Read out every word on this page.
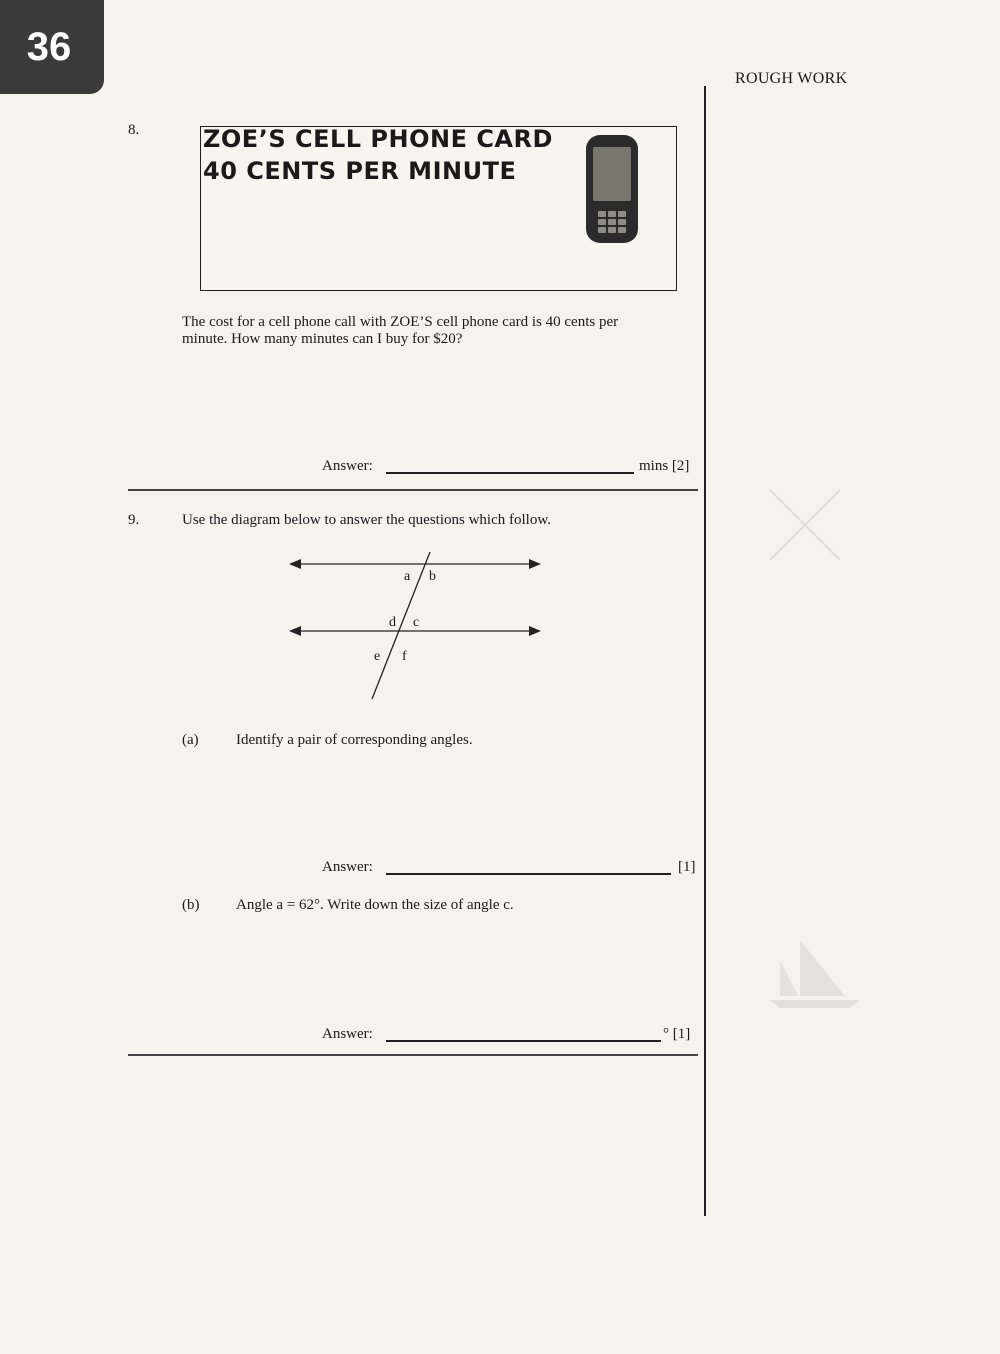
36
ROUGH WORK
8.	ZOE’S CELL PHONE CARD
40 CENTS PER MINUTE
The cost for a cell phone call with ZOE’S cell phone card is 40 cents per
minute. How many minutes can I buy for $20?
Answer:	mins [2]
9.	Use the diagram below to answer the questions which follow.
a b
d c
e f
(a) Identify a pair of corresponding angles.
Answer:	[1]
(b) Angle a = 62°. Write down the size of angle c.
Answer:	° [1]
